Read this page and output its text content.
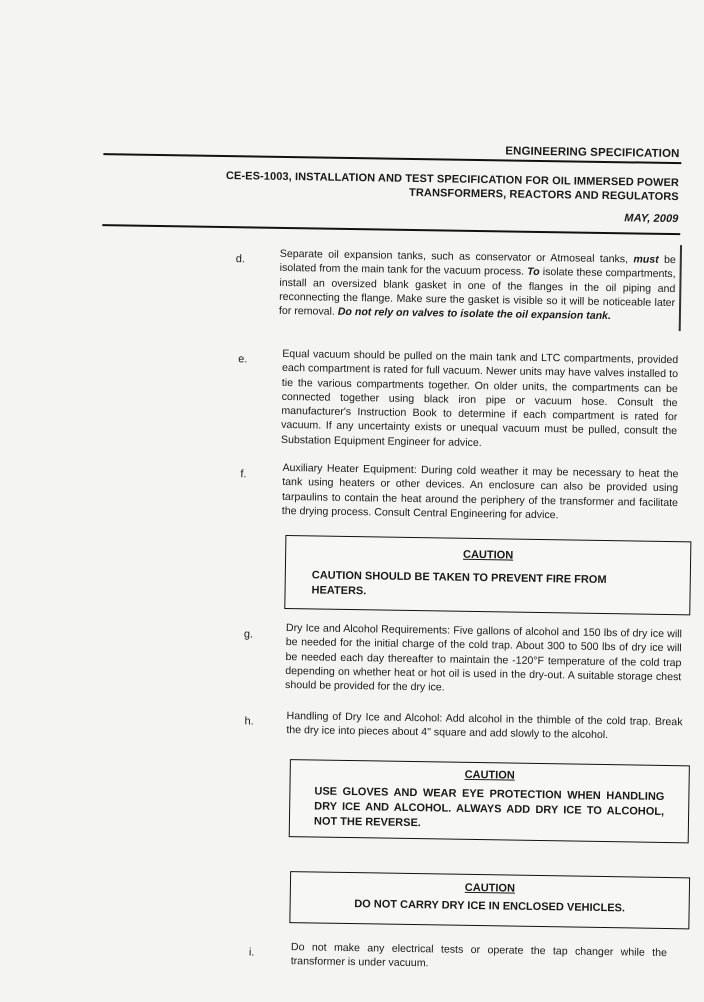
ENGINEERING SPECIFICATION
CE-ES-1003, INSTALLATION AND TEST SPECIFICATION FOR OIL IMMERSED POWER
TRANSFORMERS, REACTORS AND REGULATORS
MAY, 2009
d.	Separate oil expansion tanks, such as conservator or Atmoseal tanks, must be isolated from the main tank for the vacuum process. To isolate these compartments, install an oversized blank gasket in one of the flanges in the oil piping and reconnecting the flange. Make sure the gasket is visible so it will be noticeable later for removal. Do not rely on valves to isolate the oil expansion tank.
e.	Equal vacuum should be pulled on the main tank and LTC compartments, provided each compartment is rated for full vacuum. Newer units may have valves installed to tie the various compartments together. On older units, the compartments can be connected together using black iron pipe or vacuum hose. Consult the manufacturer's Instruction Book to determine if each compartment is rated for vacuum. If any uncertainty exists or unequal vacuum must be pulled, consult the Substation Equipment Engineer for advice.
f.	Auxiliary Heater Equipment: During cold weather it may be necessary to heat the tank using heaters or other devices. An enclosure can also be provided using tarpaulins to contain the heat around the periphery of the transformer and facilitate the drying process. Consult Central Engineering for advice.
CAUTION
CAUTION SHOULD BE TAKEN TO PREVENT FIRE FROM HEATERS.
g.	Dry Ice and Alcohol Requirements: Five gallons of alcohol and 150 lbs of dry ice will be needed for the initial charge of the cold trap. About 300 to 500 lbs of dry ice will be needed each day thereafter to maintain the -120°F temperature of the cold trap depending on whether heat or hot oil is used in the dry-out. A suitable storage chest should be provided for the dry ice.
h.	Handling of Dry Ice and Alcohol: Add alcohol in the thimble of the cold trap. Break the dry ice into pieces about 4" square and add slowly to the alcohol.
CAUTION
USE GLOVES AND WEAR EYE PROTECTION WHEN HANDLING DRY ICE AND ALCOHOL. ALWAYS ADD DRY ICE TO ALCOHOL, NOT THE REVERSE.
CAUTION
DO NOT CARRY DRY ICE IN ENCLOSED VEHICLES.
i.	Do not make any electrical tests or operate the tap changer while the transformer is under vacuum.
